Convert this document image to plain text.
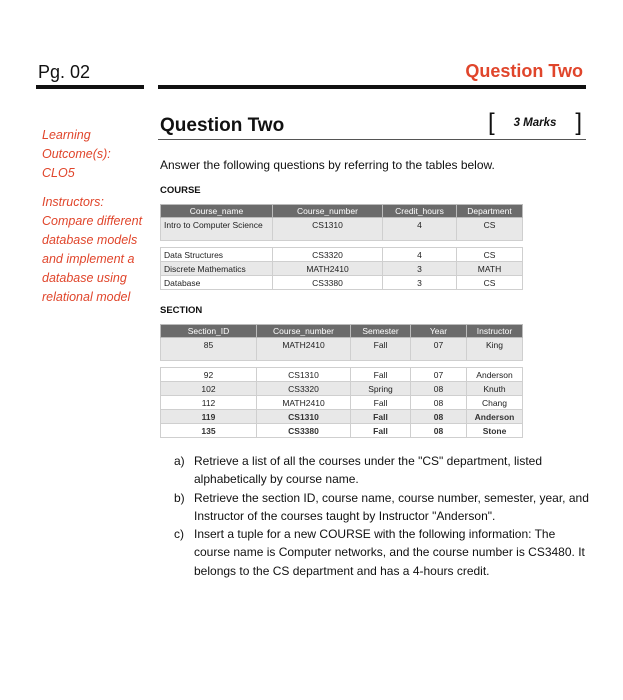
Pg. 02	Question Two
Learning Outcome(s):
CLO5
Instructors:
Compare different database models and implement a database using relational model
Question Two	[	3 Marks ]
Answer the following questions by referring to the tables below.
COURSE
Course_name	Course_number	Credit_hours	Department
Intro to Computer Science	CS1310	4	CS

Data Structures	CS3320	4	CS
Discrete Mathematics	MATH2410	3	MATH
Database	CS3380	3	CS
SECTION
Section_ID	Course_number	Semester	Year	Instructor
85	MATH2410	Fall	07	King

92	CS1310	Fall	07	Anderson
102	CS3320	Spring	08	Knuth
112	MATH2410	Fall	08	Chang
119	CS1310	Fall	08	Anderson
135	CS3380	Fall	08	Stone
a) Retrieve a list of all the courses under the "CS" department, listed alphabetically by course name.
b) Retrieve the section ID, course name, course number, semester, year, and Instructor of the courses taught by Instructor "Anderson".
c) Insert a tuple for a new COURSE with the following information: The course name is Computer networks, and the course number is CS3480. It belongs to the CS department and has a 4-hours credit.
